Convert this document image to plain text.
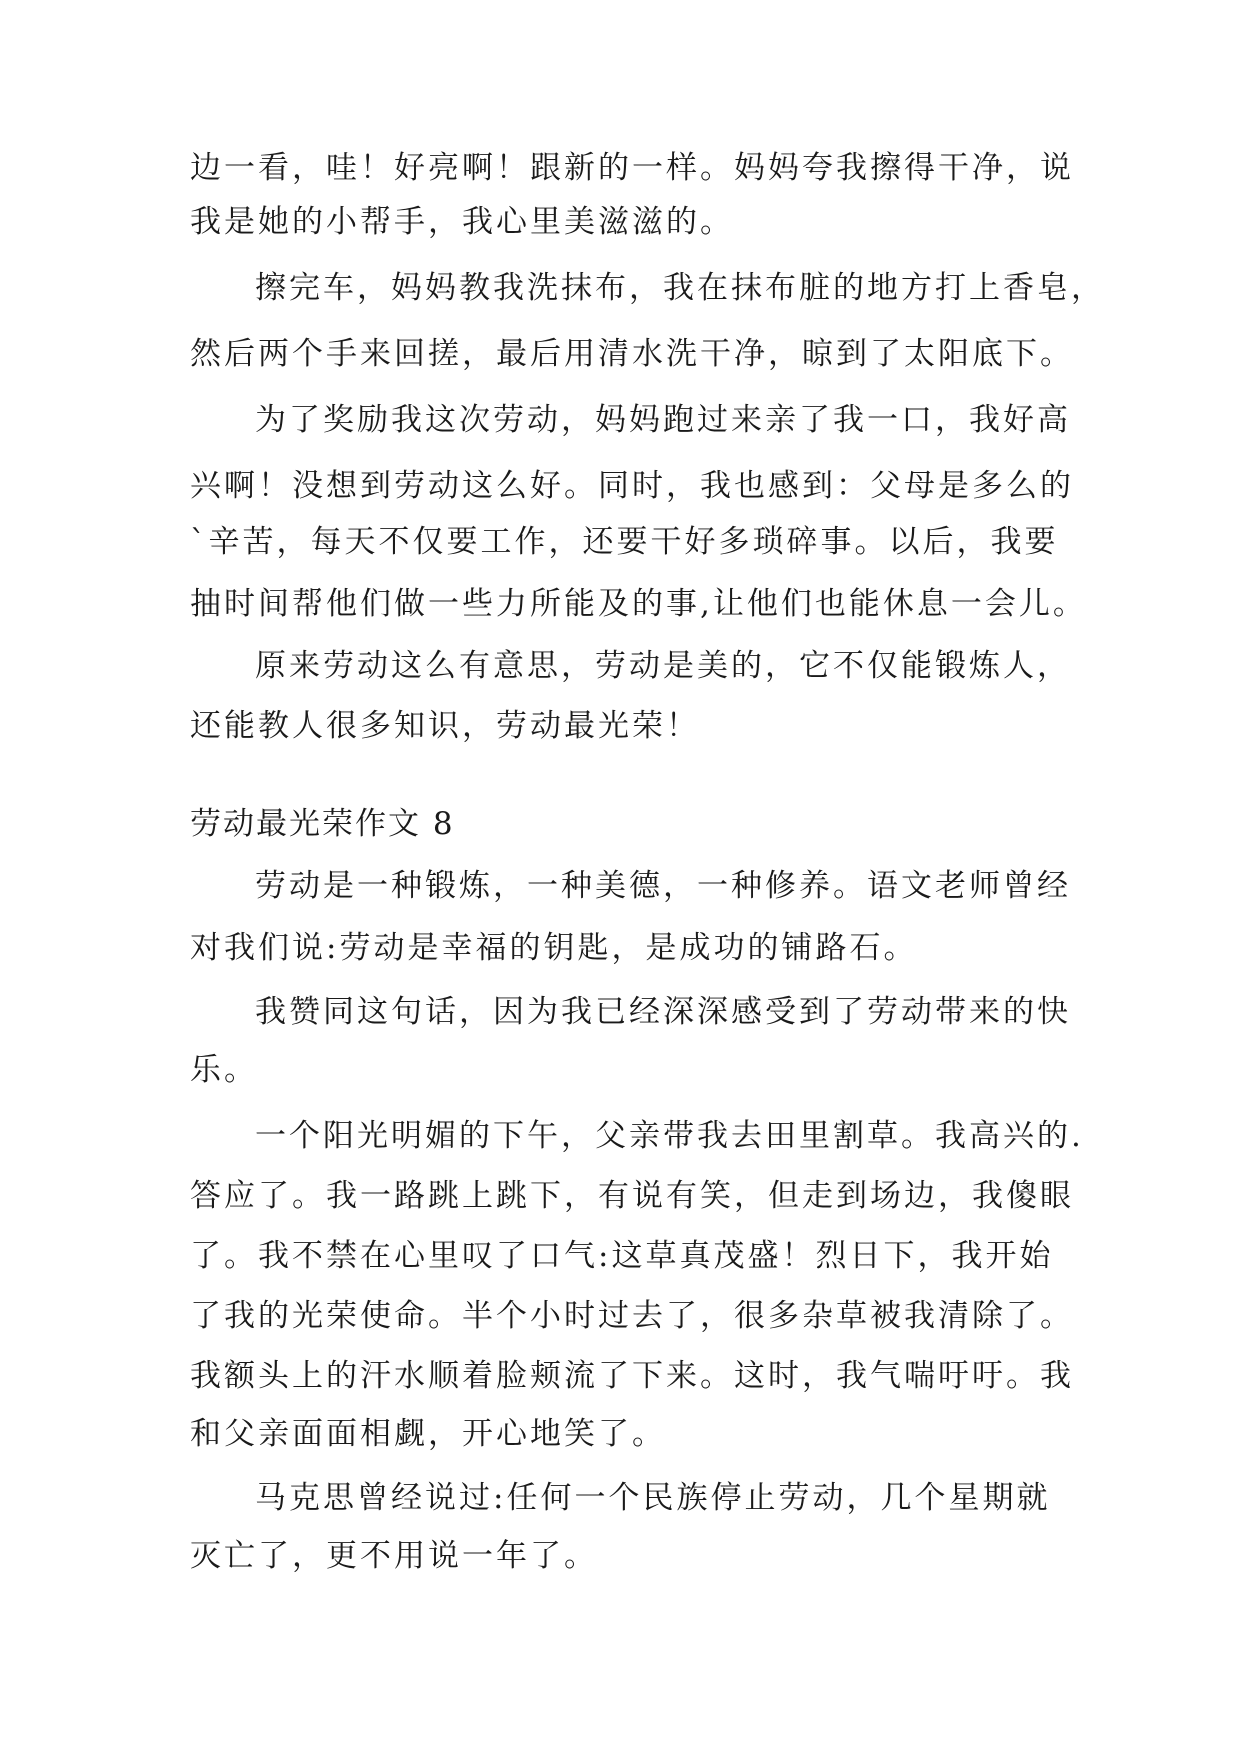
边一看，哇！好亮啊！跟新的一样。妈妈夸我擦得干净，说
我是她的小帮手，我心里美滋滋的。
擦完车，妈妈教我洗抹布，我在抹布脏的地方打上香皂，
然后两个手来回搓，最后用清水洗干净，晾到了太阳底下。
为了奖励我这次劳动，妈妈跑过来亲了我一口，我好高
兴啊！没想到劳动这么好。同时，我也感到：父母是多么的
`辛苦，每天不仅要工作，还要干好多琐碎事。以后，我要
抽时间帮他们做一些力所能及的事,让他们也能休息一会儿。
原来劳动这么有意思，劳动是美的，它不仅能锻炼人，
还能教人很多知识，劳动最光荣！
劳动最光荣作文 8
劳动是一种锻炼，一种美德，一种修养。语文老师曾经
对我们说:劳动是幸福的钥匙，是成功的铺路石。
我赞同这句话，因为我已经深深感受到了劳动带来的快
乐。
一个阳光明媚的下午，父亲带我去田里割草。我高兴的.
答应了。我一路跳上跳下，有说有笑，但走到场边，我傻眼
了。我不禁在心里叹了口气:这草真茂盛！烈日下，我开始
了我的光荣使命。半个小时过去了，很多杂草被我清除了。
我额头上的汗水顺着脸颊流了下来。这时，我气喘吁吁。我
和父亲面面相觑，开心地笑了。
马克思曾经说过:任何一个民族停止劳动，几个星期就
灭亡了，更不用说一年了。
